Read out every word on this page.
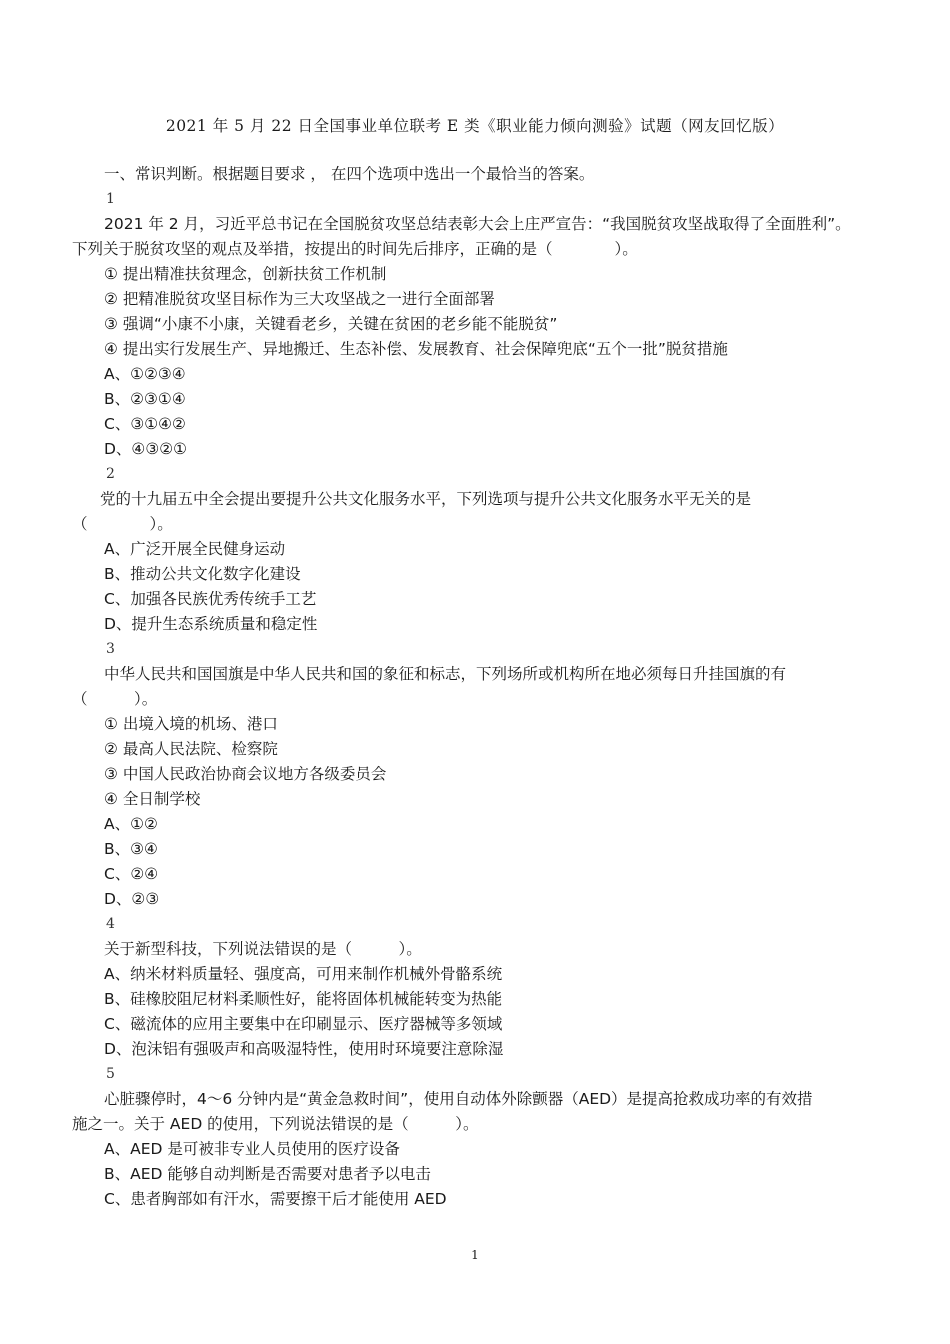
2021 年 5 月 22 日全国事业单位联考 E 类《职业能力倾向测验》试题（网友回忆版）
一、常识判断。根据题目要求 ， 在四个选项中选出一个最恰当的答案。
1
2021 年 2 月，习近平总书记在全国脱贫攻坚总结表彰大会上庄严宣告：“我国脱贫攻坚战取得了全面胜利”。
下列关于脱贫攻坚的观点及举措，按提出的时间先后排序，正确的是（　　　　）。
① 提出精准扶贫理念，创新扶贫工作机制
② 把精准脱贫攻坚目标作为三大攻坚战之一进行全面部署
③ 强调“小康不小康，关键看老乡，关键在贫困的老乡能不能脱贫”
④ 提出实行发展生产、异地搬迁、生态补偿、发展教育、社会保障兜底“五个一批”脱贫措施
A、①②③④
B、②③①④
C、③①④②
D、④③②①
2
党的十九届五中全会提出要提升公共文化服务水平，下列选项与提升公共文化服务水平无关的是
（　　　　）。
A、广泛开展全民健身运动
B、推动公共文化数字化建设
C、加强各民族优秀传统手工艺
D、提升生态系统质量和稳定性
3
中华人民共和国国旗是中华人民共和国的象征和标志，下列场所或机构所在地必须每日升挂国旗的有
（　　　）。
① 出境入境的机场、港口
② 最高人民法院、检察院
③ 中国人民政治协商会议地方各级委员会
④ 全日制学校
A、①②
B、③④
C、②④
D、②③
4
关于新型科技，下列说法错误的是（　　　）。
A、纳米材料质量轻、强度高，可用来制作机械外骨骼系统
B、硅橡胶阻尼材料柔顺性好，能将固体机械能转变为热能
C、磁流体的应用主要集中在印刷显示、医疗器械等多领域
D、泡沫铝有强吸声和高吸湿特性，使用时环境要注意除湿
5
心脏骤停时，4～6 分钟内是“黄金急救时间”，使用自动体外除颤器（AED）是提高抢救成功率的有效措
施之一。关于 AED 的使用，下列说法错误的是（　　　）。
A、AED 是可被非专业人员使用的医疗设备
B、AED 能够自动判断是否需要对患者予以电击
C、患者胸部如有汗水，需要擦干后才能使用 AED
1
